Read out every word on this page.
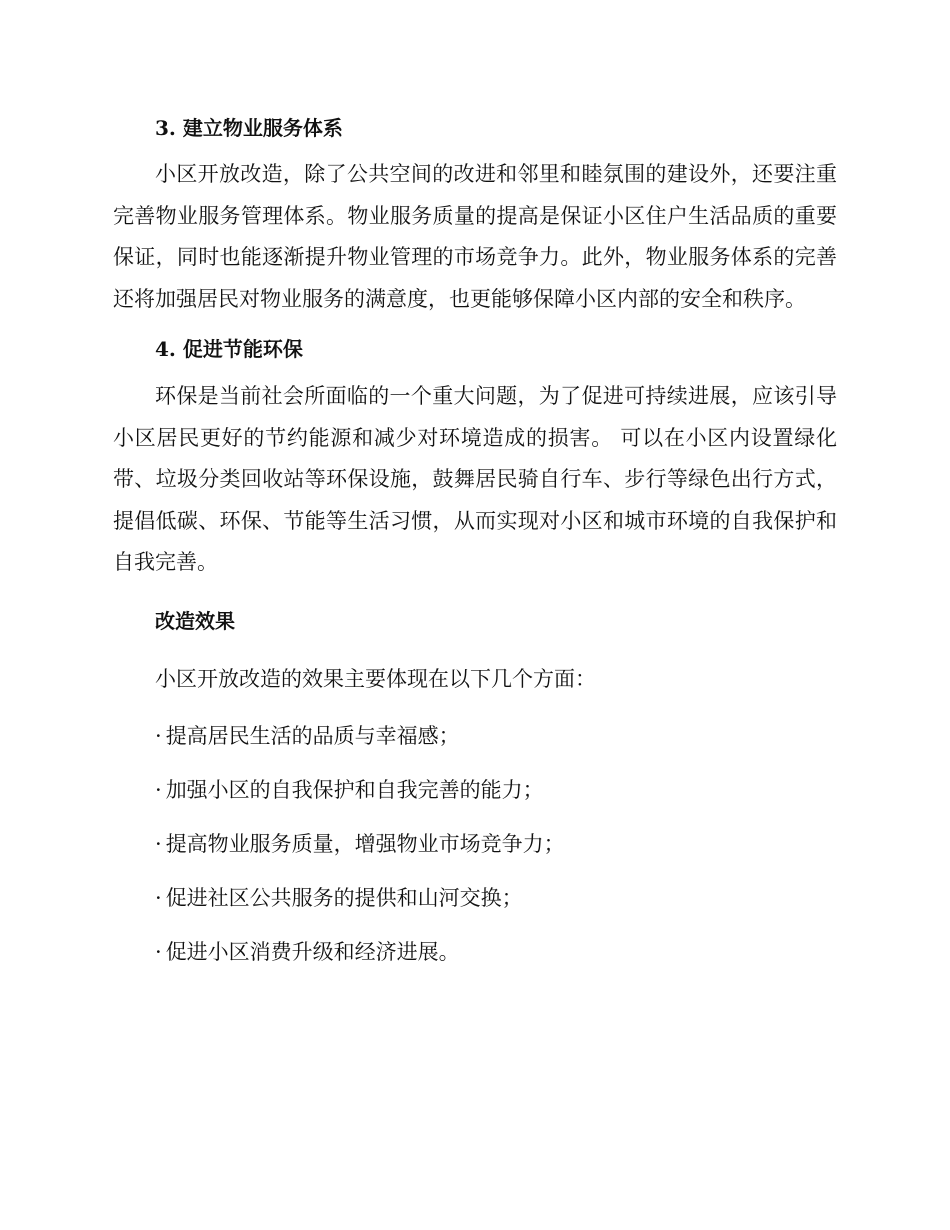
3. 建立物业服务体系

小区开放改造，除了公共空间的改进和邻里和睦氛围的建设外，还要注重完善物业服务管理体系。物业服务质量的提高是保证小区住户生活品质的重要保证，同时也能逐渐提升物业管理的市场竞争力。此外，物业服务体系的完善还将加强居民对物业服务的满意度，也更能够保障小区内部的安全和秩序。

4. 促进节能环保

环保是当前社会所面临的一个重大问题，为了促进可持续进展，应该引导小区居民更好的节约能源和减少对环境造成的损害。 可以在小区内设置绿化带、垃圾分类回收站等环保设施，鼓舞居民骑自行车、步行等绿色出行方式，提倡低碳、环保、节能等生活习惯，从而实现对小区和城市环境的自我保护和自我完善。

改造效果

小区开放改造的效果主要体现在以下几个方面：

· 提高居民生活的品质与幸福感；
· 加强小区的自我保护和自我完善的能力；
· 提高物业服务质量，增强物业市场竞争力；
· 促进社区公共服务的提供和山河交换；
· 促进小区消费升级和经济进展。
